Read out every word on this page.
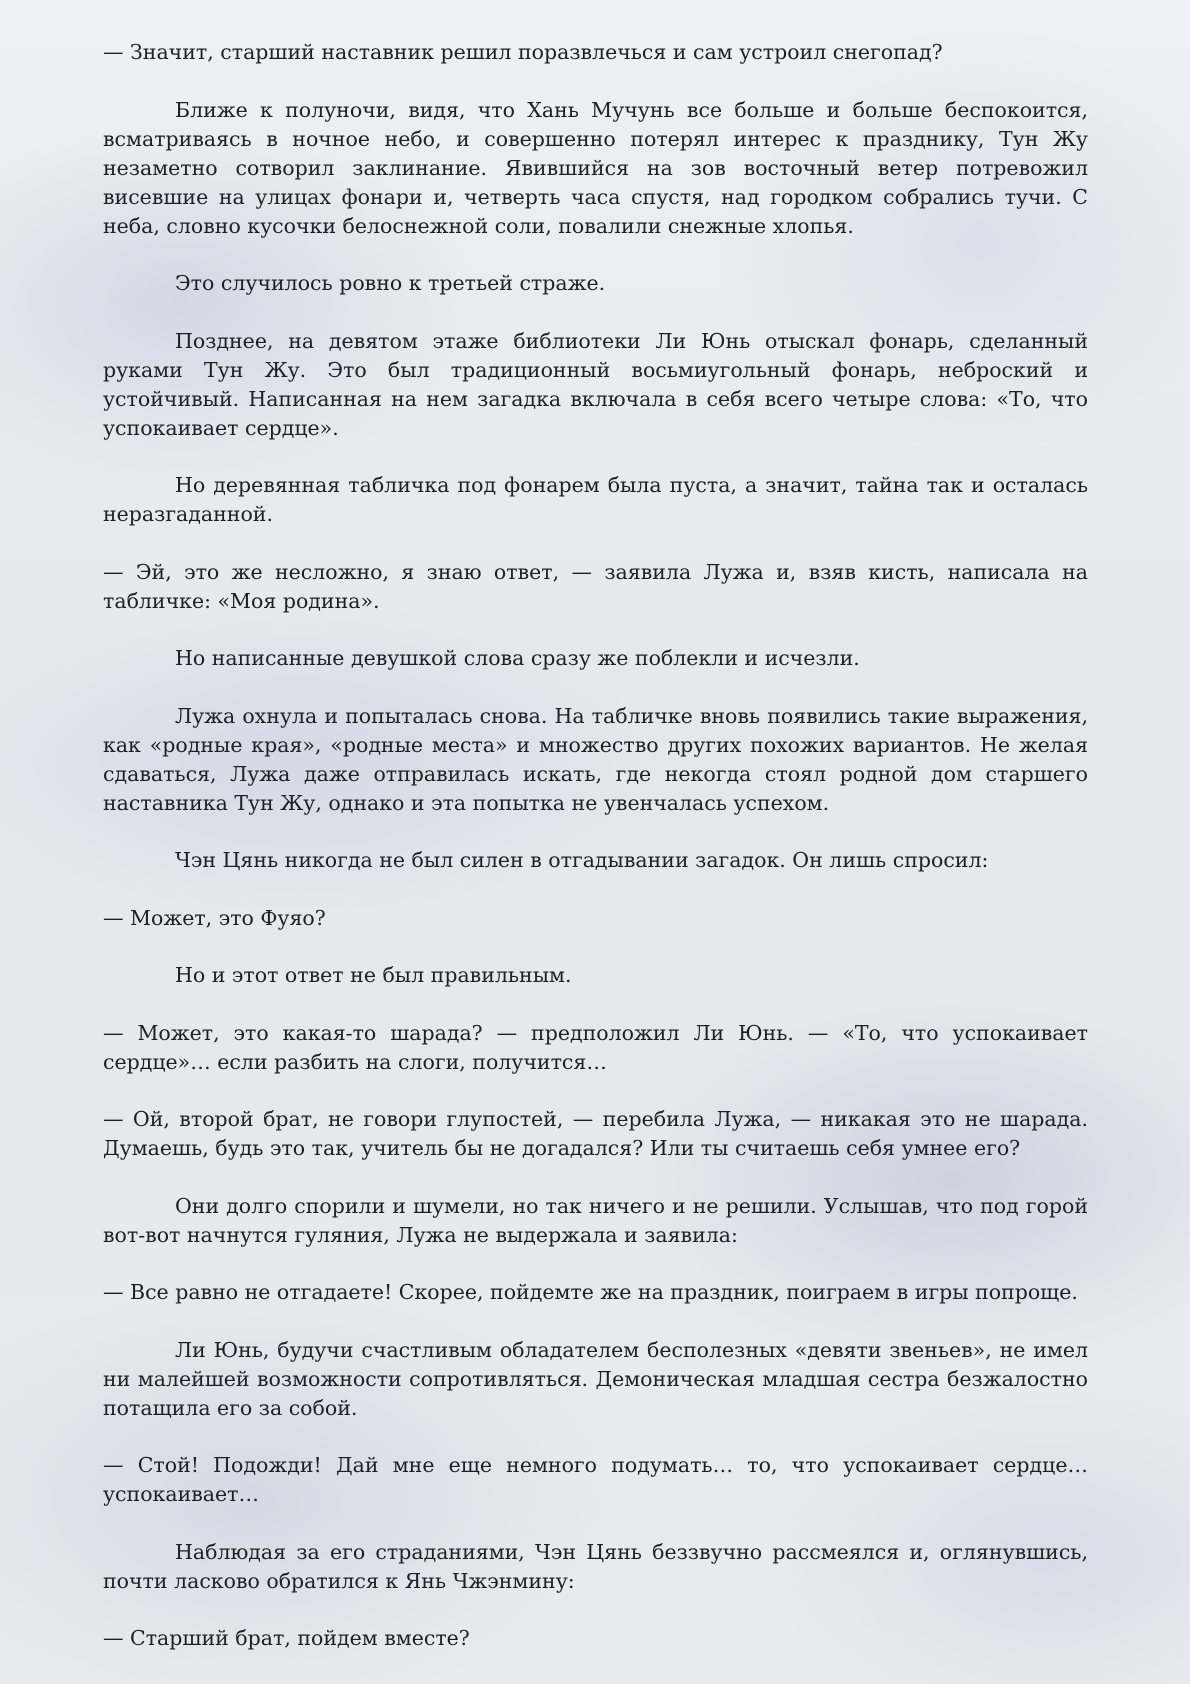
— Значит, старший наставник решил поразвлечься и сам устроил снегопад?

Ближе к полуночи, видя, что Хань Мучунь все больше и больше беспокоится, всматриваясь в ночное небо, и совершенно потерял интерес к празднику, Тун Жу незаметно сотворил заклинание. Явившийся на зов восточный ветер потревожил висевшие на улицах фонари и, четверть часа спустя, над городком собрались тучи. С неба, словно кусочки белоснежной соли, повалили снежные хлопья.

Это случилось ровно к третьей страже.

Позднее, на девятом этаже библиотеки Ли Юнь отыскал фонарь, сделанный руками Тун Жу. Это был традиционный восьмиугольный фонарь, неброский и устойчивый. Написанная на нем загадка включала в себя всего четыре слова: «То, что успокаивает сердце».

Но деревянная табличка под фонарем была пуста, а значит, тайна так и осталась неразгаданной.

— Эй, это же несложно, я знаю ответ, — заявила Лужа и, взяв кисть, написала на табличке: «Моя родина».

Но написанные девушкой слова сразу же поблекли и исчезли.

Лужа охнула и попыталась снова. На табличке вновь появились такие выражения, как «родные края», «родные места» и множество других похожих вариантов. Не желая сдаваться, Лужа даже отправилась искать, где некогда стоял родной дом старшего наставника Тун Жу, однако и эта попытка не увенчалась успехом.

Чэн Цянь никогда не был силен в отгадывании загадок. Он лишь спросил:

— Может, это Фуяо?

Но и этот ответ не был правильным.

— Может, это какая-то шарада? — предположил Ли Юнь. — «То, что успокаивает сердце»… если разбить на слоги, получится…

— Ой, второй брат, не говори глупостей, — перебила Лужа, — никакая это не шарада. Думаешь, будь это так, учитель бы не догадался? Или ты считаешь себя умнее его?

Они долго спорили и шумели, но так ничего и не решили. Услышав, что под горой вот-вот начнутся гуляния, Лужа не выдержала и заявила:

— Все равно не отгадаете! Скорее, пойдемте же на праздник, поиграем в игры попроще.

Ли Юнь, будучи счастливым обладателем бесполезных «девяти звеньев», не имел ни малейшей возможности сопротивляться. Демоническая младшая сестра безжалостно потащила его за собой.

— Стой! Подожди! Дай мне еще немного подумать… то, что успокаивает сердце… успокаивает…

Наблюдая за его страданиями, Чэн Цянь беззвучно рассмеялся и, оглянувшись, почти ласково обратился к Янь Чжэнмину:

— Старший брат, пойдем вместе?
